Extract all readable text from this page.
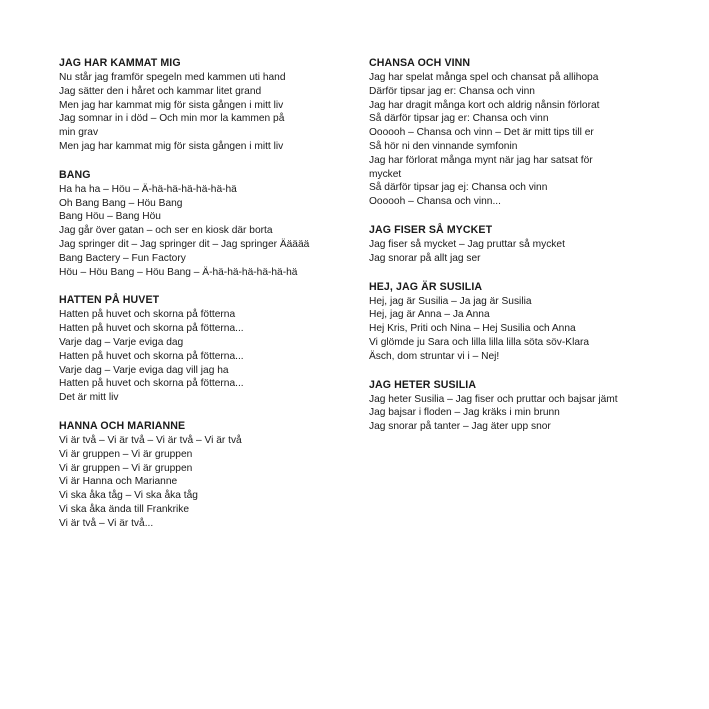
JAG HAR KAMMAT MIG
Nu står jag framför spegeln med kammen uti hand
Jag sätter den i håret och kammar litet grand
Men jag har kammat mig för sista gången i mitt liv
Jag somnar in i död – Och min mor la kammen på
min grav
Men jag har kammat mig för sista gången i mitt liv
BANG
Ha ha ha – Höu – Ä-hä-hä-hä-hä-hä-hä
Oh Bang Bang – Höu Bang
Bang Höu – Bang Höu
Jag går över gatan – och ser en kiosk där borta
Jag springer dit – Jag springer dit – Jag springer Äääää
Bang Bactery – Fun Factory
Höu – Höu Bang – Höu Bang – Ä-hä-hä-hä-hä-hä-hä
HATTEN PÅ HUVET
Hatten på huvet och skorna på fötterna
Hatten på huvet och skorna på fötterna...
Varje dag – Varje eviga dag
Hatten på huvet och skorna på fötterna...
Varje dag – Varje eviga dag vill jag ha
Hatten på huvet och skorna på fötterna...
Det är mitt liv
HANNA OCH MARIANNE
Vi är två – Vi är två – Vi är två – Vi är två
Vi är gruppen – Vi är gruppen
Vi är gruppen – Vi är gruppen
Vi är Hanna och Marianne
Vi ska åka tåg – Vi ska åka tåg
Vi ska åka ända till Frankrike
Vi är två – Vi är två...
CHANSA OCH VINN
Jag har spelat många spel och chansat på allihopa
Därför tipsar jag er: Chansa och vinn
Jag har dragit många kort och aldrig nånsin förlorat
Så därför tipsar jag er: Chansa och vinn
Oooooh – Chansa och vinn – Det är mitt tips till er
Så hör ni den vinnande symfonin
Jag har förlorat många mynt när jag har satsat för
mycket
Så därför tipsar jag ej: Chansa och vinn
Oooooh – Chansa och vinn...
JAG FISER SÅ MYCKET
Jag fiser så mycket – Jag pruttar så mycket
Jag snorar på allt jag ser
HEJ, JAG ÄR SUSILIA
Hej, jag är Susilia – Ja jag är Susilia
Hej, jag är Anna – Ja Anna
Hej Kris, Priti och Nina – Hej Susilia och Anna
Vi glömde ju Sara och lilla lilla lilla söta söv-Klara
Äsch, dom struntar vi i – Nej!
JAG HETER SUSILIA
Jag heter Susilia – Jag fiser och pruttar och bajsar jämt
Jag bajsar i floden – Jag kräks i min brunn
Jag snorar på tanter – Jag äter upp snor
